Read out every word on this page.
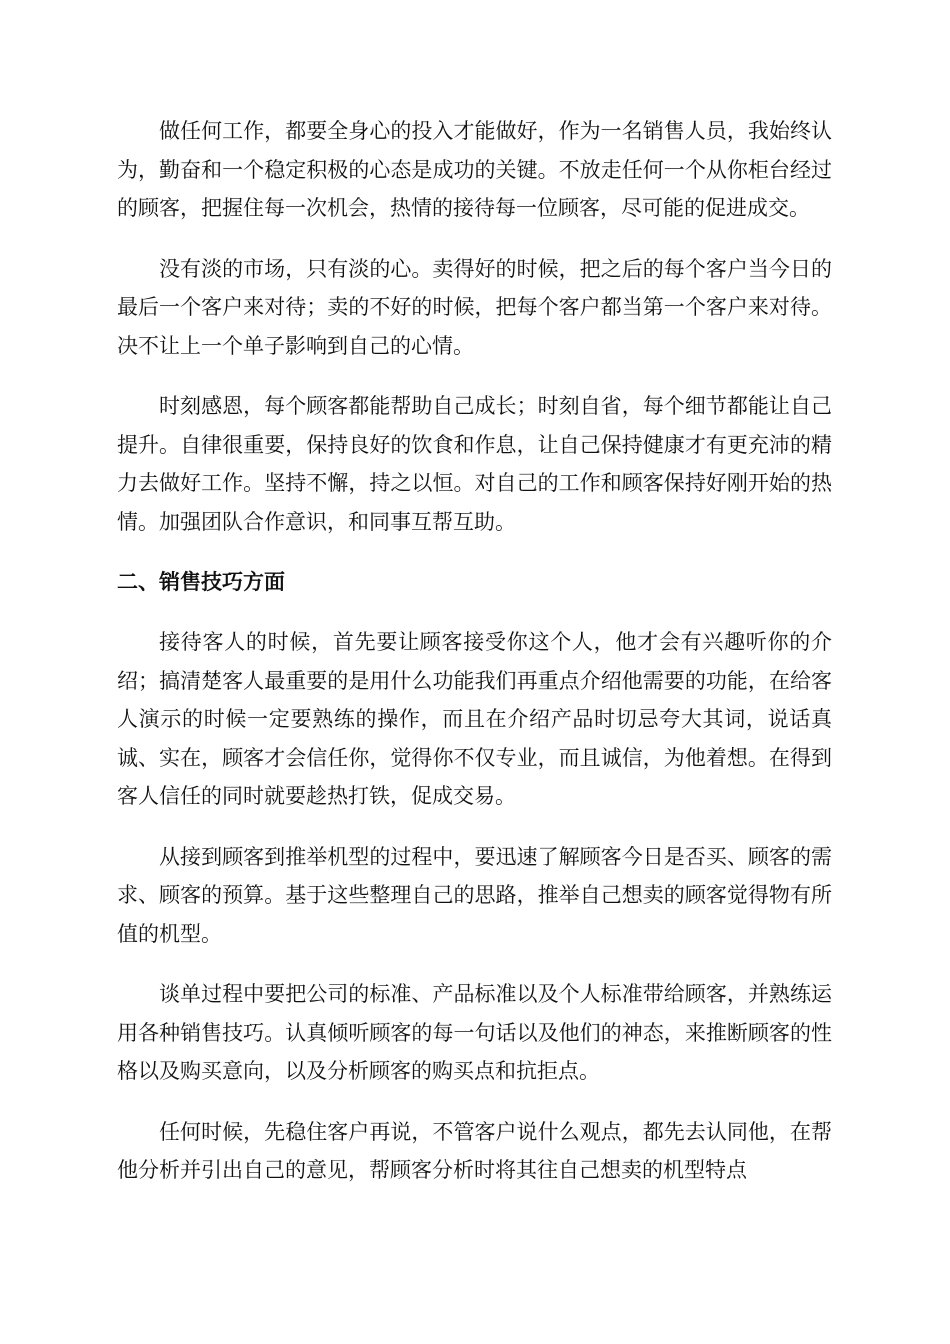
做任何工作，都要全身心的投入才能做好，作为一名销售人员，我始终认为，勤奋和一个稳定积极的心态是成功的关键。不放走任何一个从你柜台经过的顾客，把握住每一次机会，热情的接待每一位顾客，尽可能的促进成交。

没有淡的市场，只有淡的心。卖得好的时候，把之后的每个客户当今日的最后一个客户来对待；卖的不好的时候，把每个客户都当第一个客户来对待。决不让上一个单子影响到自己的心情。

时刻感恩，每个顾客都能帮助自己成长；时刻自省，每个细节都能让自己提升。自律很重要，保持良好的饮食和作息，让自己保持健康才有更充沛的精力去做好工作。坚持不懈，持之以恒。对自己的工作和顾客保持好刚开始的热情。加强团队合作意识，和同事互帮互助。

二、销售技巧方面

接待客人的时候，首先要让顾客接受你这个人，他才会有兴趣听你的介绍；搞清楚客人最重要的是用什么功能我们再重点介绍他需要的功能，在给客人演示的时候一定要熟练的操作，而且在介绍产品时切忌夸大其词，说话真诚、实在，顾客才会信任你，觉得你不仅专业，而且诚信，为他着想。在得到客人信任的同时就要趁热打铁，促成交易。

从接到顾客到推举机型的过程中，要迅速了解顾客今日是否买、顾客的需求、顾客的预算。基于这些整理自己的思路，推举自己想卖的顾客觉得物有所值的机型。

谈单过程中要把公司的标准、产品标准以及个人标准带给顾客，并熟练运用各种销售技巧。认真倾听顾客的每一句话以及他们的神态，来推断顾客的性格以及购买意向，以及分析顾客的购买点和抗拒点。

任何时候，先稳住客户再说，不管客户说什么观点，都先去认同他，在帮他分析并引出自己的意见，帮顾客分析时将其往自己想卖的机型特点
